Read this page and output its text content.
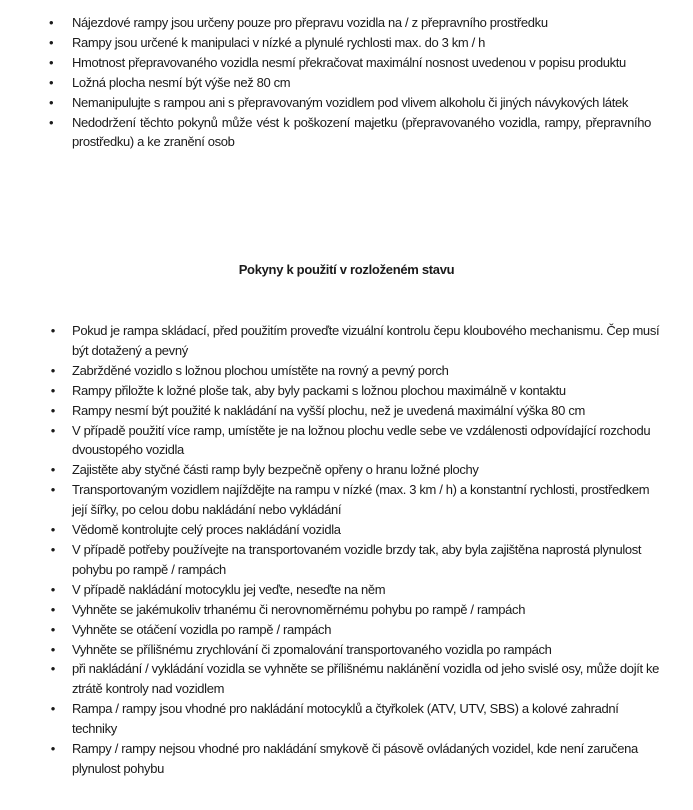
• Nájezdové rampy jsou určeny pouze pro přepravu vozidla na / z přepravního prostředku
• Rampy jsou určené k manipulaci v nízké a plynulé rychlosti max. do 3 km / h
• Hmotnost přepravovaného vozidla nesmí překračovat maximální nosnost uvedenou v popisu produktu
• Ložná plocha nesmí být výše než 80 cm
• Nemanipulujte s rampou ani s přepravovaným vozidlem pod vlivem alkoholu či jiných návykových látek
• Nedodržení těchto pokynů může vést k poškození majetku (přepravovaného vozidla, rampy, přepravního prostředku) a ke zranění osob
Pokyny k použití v rozloženém stavu
• Pokud je rampa skládací, před použitím proveďte vizuální kontrolu čepu kloubového mechanismu. Čep musí být dotažený a pevný
• Zabržděné vozidlo s ložnou plochou umístěte na rovný a pevný porch
• Rampy přiložte k ložné ploše tak, aby byly packami s ložnou plochou maximálně v kontaktu
• Rampy nesmí být použité k nakládání na vyšší plochu, než je uvedená maximální výška 80 cm
• V případě použití více ramp, umístěte je na ložnou plochu vedle sebe ve vzdálenosti odpovídající rozchodu dvoustopého vozidla
• Zajistěte aby styčné části ramp byly bezpečně opřeny o hranu ložné plochy
• Transportovaným vozidlem najíždějte na rampu v nízké (max. 3 km / h) a konstantní rychlosti, prostředkem její šířky, po celou dobu nakládání nebo vykládání
• Vědomě kontrolujte celý proces nakládání vozidla
• V případě potřeby používejte na transportovaném vozidle brzdy tak, aby byla zajištěna naprostá plynulost pohybu po rampě / rampách
• V případě nakládání motocyklu jej veďte, neseďte na něm
• Vyhněte se jakémukoliv trhanému či nerovnoměrnému pohybu po rampě / rampách
• Vyhněte se otáčení vozidla po rampě / rampách
• Vyhněte se přílišnému zrychlování či zpomalování transportovaného vozidla po rampách
• při nakládání / vykládání vozidla se vyhněte se přílišnému naklánění vozidla od jeho svislé osy, může dojít ke ztrátě kontroly nad vozidlem
• Rampa / rampy jsou vhodné pro nakládání motocyklů a čtyřkolek (ATV, UTV, SBS) a kolové zahradní techniky
• Rampy / rampy nejsou vhodné pro nakládání smykově či pásově ovládaných vozidel, kde není zaručena plynulost pohybu
